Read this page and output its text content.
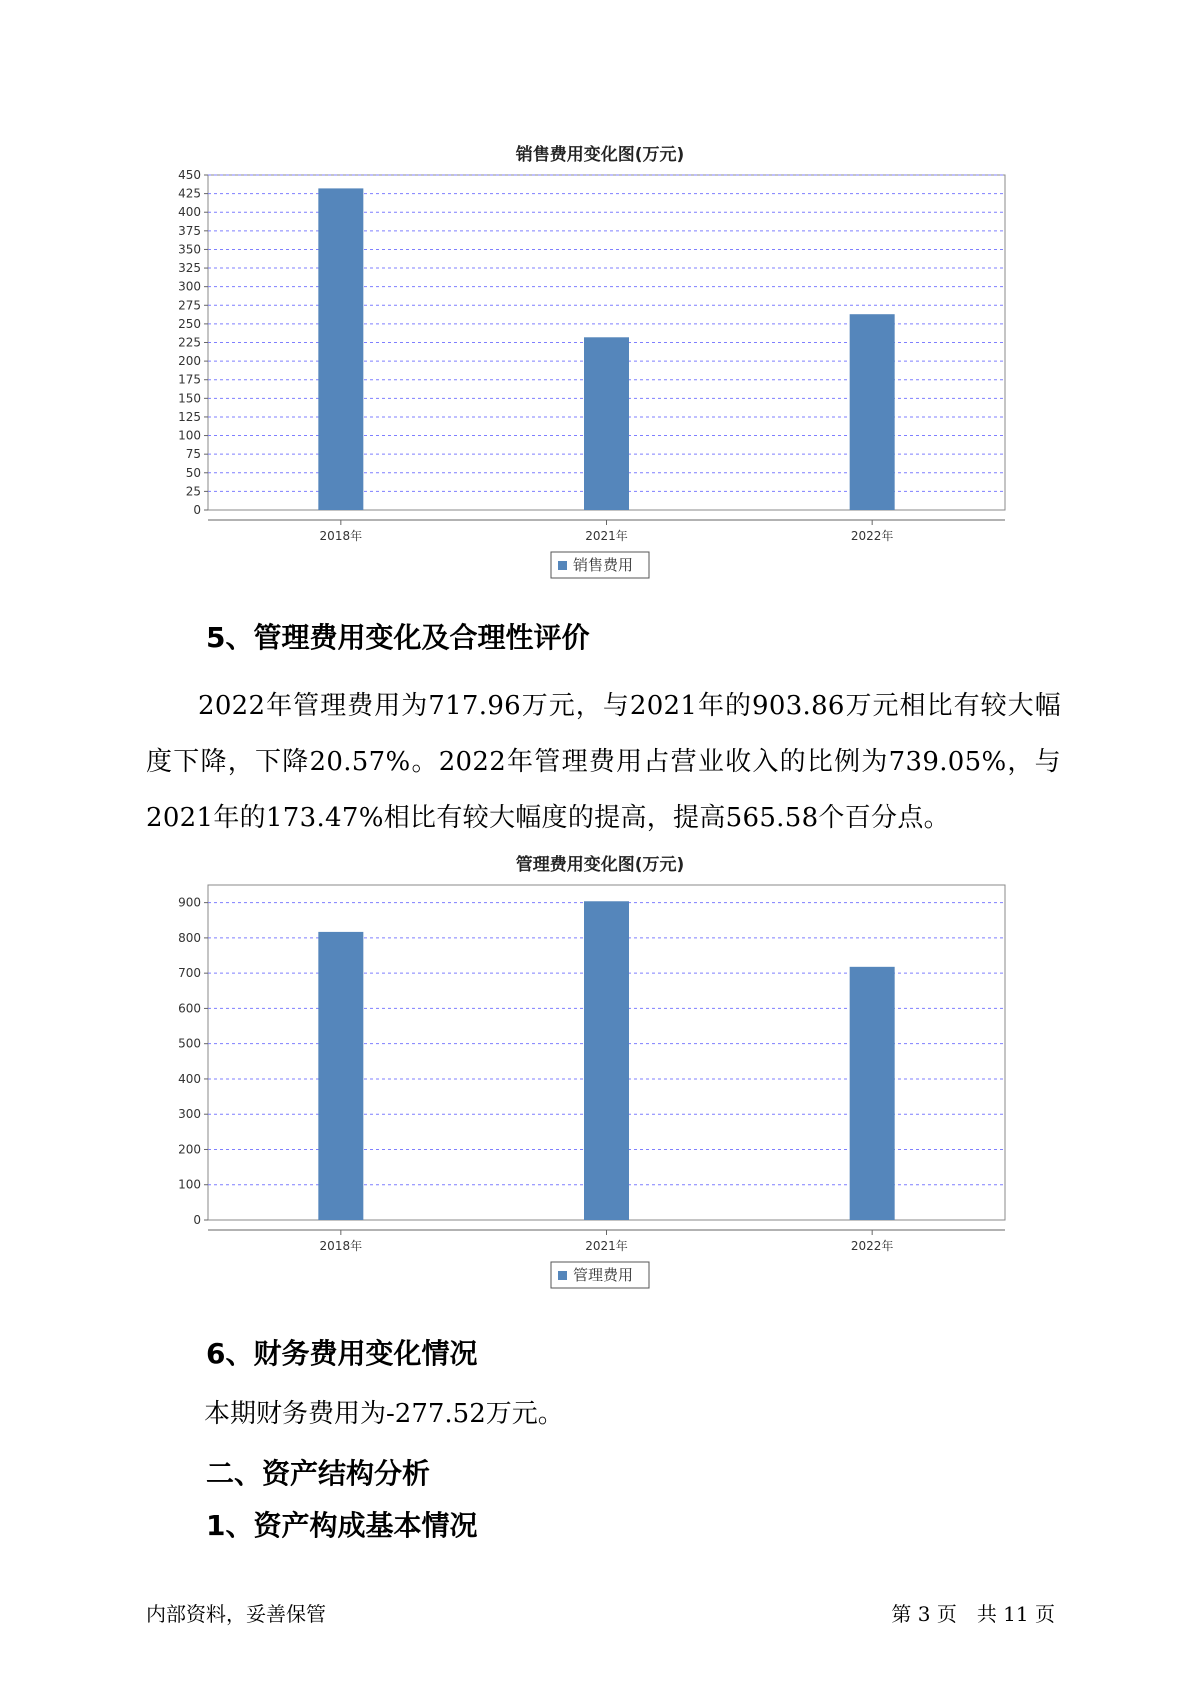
销售费用变化图(万元)
0
25
50
75
100
125
150
175
200
225
250
275
300
325
350
375
400
425
450
2018年	2021年	2022年
销售费用
5、管理费用变化及合理性评价
2022年管理费用为717.96万元，与2021年的903.86万元相比有较大幅度下降，下降20.57%。2022年管理费用占营业收入的比例为739.05%，与2021年的173.47%相比有较大幅度的提高，提高565.58个百分点。
管理费用变化图(万元)
0
100
200
300
400
500
600
700
800
900
2018年	2021年	2022年
管理费用
6、财务费用变化情况
本期财务费用为-277.52万元。
二、资产结构分析
1、资产构成基本情况
内部资料，妥善保管	第 3 页　共 11 页
